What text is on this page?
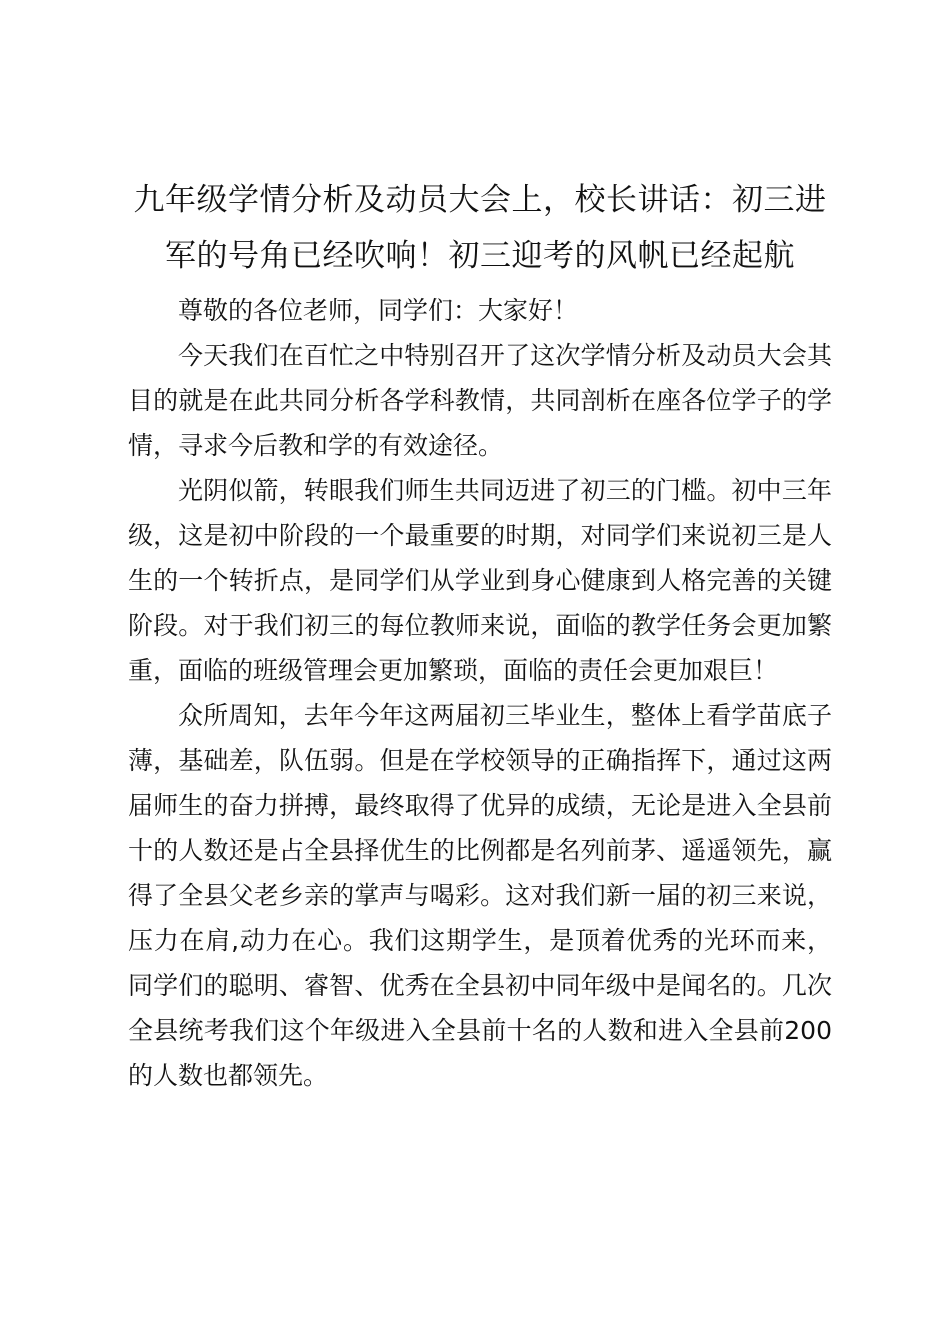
九年级学情分析及动员大会上，校长讲话：初三进军的号角已经吹响！初三迎考的风帆已经起航

尊敬的各位老师，同学们：大家好！

今天我们在百忙之中特别召开了这次学情分析及动员大会其目的就是在此共同分析各学科教情，共同剖析在座各位学子的学情，寻求今后教和学的有效途径。

光阴似箭，转眼我们师生共同迈进了初三的门槛。初中三年级，这是初中阶段的一个最重要的时期，对同学们来说初三是人生的一个转折点，是同学们从学业到身心健康到人格完善的关键阶段。对于我们初三的每位教师来说，面临的教学任务会更加繁重，面临的班级管理会更加繁琐，面临的责任会更加艰巨！

众所周知，去年今年这两届初三毕业生，整体上看学苗底子薄，基础差，队伍弱。但是在学校领导的正确指挥下，通过这两届师生的奋力拼搏，最终取得了优异的成绩，无论是进入全县前十的人数还是占全县择优生的比例都是名列前茅、遥遥领先，赢得了全县父老乡亲的掌声与喝彩。这对我们新一届的初三来说，压力在肩,动力在心。我们这期学生，是顶着优秀的光环而来，同学们的聪明、睿智、优秀在全县初中同年级中是闻名的。几次全县统考我们这个年级进入全县前十名的人数和进入全县前200的人数也都领先。
